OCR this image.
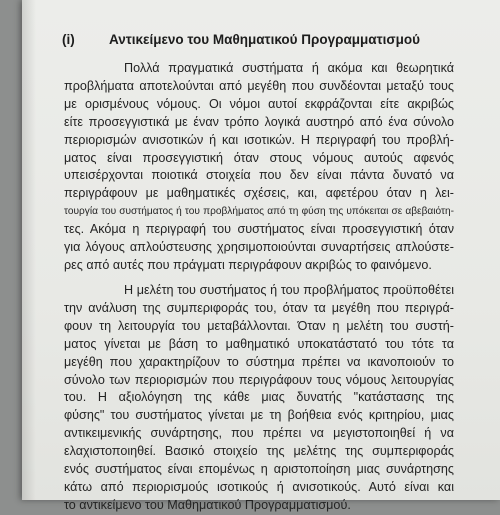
(i)	Αντικείμενο του Μαθηματικού Προγραμματισμού
Πολλά πραγματικά συστήματα ή ακόμα και θεωρητικά
προβλήματα αποτελούνται από μεγέθη που συνδέονται μεταξύ τους
με ορισμένους νόμους. Οι νόμοι αυτοί εκφράζονται είτε ακριβώς
είτε προσεγγιστικά με έναν τρόπο λογικά αυστηρό από ένα σύνολο
περιορισμών ανισοτικών ή και ισοτικών. Η περιγραφή του προβλή-
ματος είναι προσεγγιστική όταν στους νόμους αυτούς αφενός
υπεισέρχονται ποιοτικά στοιχεία που δεν είναι πάντα δυνατό να
περιγράφουν με μαθηματικές σχέσεις, και, αφετέρου όταν η λει-
τουργία του συστήματος ή του προβλήματος από τη φύση της υπόκειται σε αβεβαιότη-
τες. Ακόμα η περιγραφή του συστήματος είναι προσεγγιστική όταν
για λόγους απλούστευσης χρησιμοποιούνται συναρτήσεις απλούστε-
ρες από αυτές που πράγματι περιγράφουν ακριβώς το φαινόμενο.
Η μελέτη του συστήματος ή του προβλήματος προϋποθέτει
την ανάλυση της συμπεριφοράς του, όταν τα μεγέθη που περιγρά-
φουν τη λειτουργία του μεταβάλλονται. Όταν η μελέτη του συστή-
ματος γίνεται με βάση το μαθηματικό υποκατάστατό του τότε τα
μεγέθη που χαρακτηρίζουν το σύστημα πρέπει να ικανοποιούν το
σύνολο των περιορισμών που περιγράφουν τους νόμους λειτουργίας
του. Η αξιολόγηση της κάθε μιας δυνατής "κατάστασης της
φύσης" του συστήματος γίνεται με τη βοήθεια ενός κριτηρίου, μιας
αντικειμενικής συνάρτησης, που πρέπει να μεγιστοποιηθεί ή να
ελαχιστοποιηθεί. Βασικό στοιχείο της μελέτης της συμπεριφοράς
ενός συστήματος είναι επομένως η αριστοποίηση μιας συνάρτησης
κάτω από περιορισμούς ισοτικούς ή ανισοτικούς. Αυτό είναι και
το αντικείμενο του Μαθηματικού Προγραμματισμού.
